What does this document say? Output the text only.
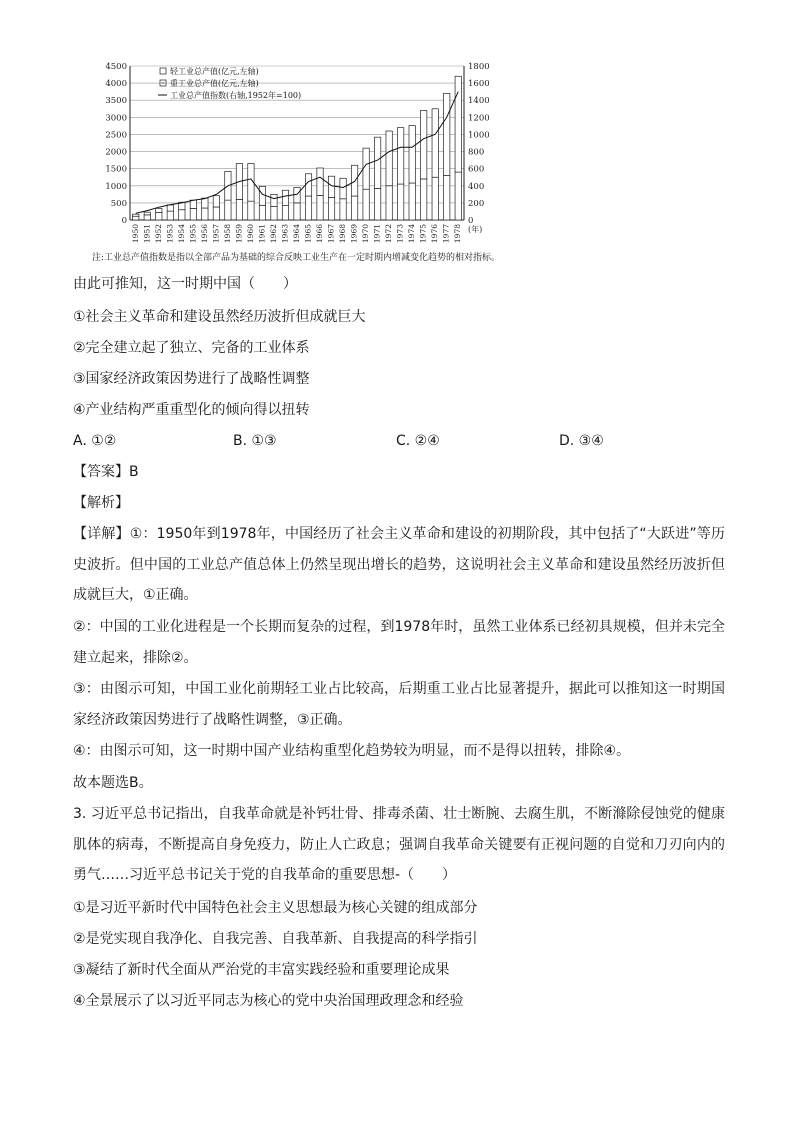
0
500
1000
1500
2000
2500
3000
3500
4000
4500
0
200
400
600
800
1000
1200
1400
1600
1800
1950 1951 1952 1953 1954 1955 1956 1957 1958 1959 1960 1961 1962 1963 1964 1965 1966 1967 1968 1969 1970 1971 1972 1973 1974 1975 1976 1977 1978 (年)
轻工业总产值(亿元,左轴)
重工业总产值(亿元,左轴)
工业总产值指数(右轴,1952年=100)
注:工业总产值指数是指以全部产品为基础的综合反映工业生产在一定时期内增减变化趋势的相对指标。
由此可推知，这一时期中国（　　）
①社会主义革命和建设虽然经历波折但成就巨大
②完全建立起了独立、完备的工业体系
③国家经济政策因势进行了战略性调整
④产业结构严重重型化的倾向得以扭转
A. ①②	B. ①③	C. ②④	D. ③④
【答案】B
【解析】
【详解】①：1950年到1978年，中国经历了社会主义革命和建设的初期阶段，其中包括了“大跃进”等历史波折。但中国的工业总产值总体上仍然呈现出增长的趋势，这说明社会主义革命和建设虽然经历波折但成就巨大，①正确。
②：中国的工业化进程是一个长期而复杂的过程，到1978年时，虽然工业体系已经初具规模，但并未完全建立起来，排除②。
③：由图示可知，中国工业化前期轻工业占比较高，后期重工业占比显著提升，据此可以推知这一时期国家经济政策因势进行了战略性调整，③正确。
④：由图示可知，这一时期中国产业结构重型化趋势较为明显，而不是得以扭转，排除④。
故本题选B。
3. 习近平总书记指出，自我革命就是补钙壮骨、排毒杀菌、壮士断腕、去腐生肌，不断滌除侵蚀党的健康肌体的病毒，不断提高自身免疫力，防止人亡政息；强调自我革命关键要有正视问题的自觉和刀刃向内的勇气……习近平总书记关于党的自我革命的重要思想-（　　）
①是习近平新时代中国特色社会主义思想最为核心关键的组成部分
②是党实现自我净化、自我完善、自我革新、自我提高的科学指引
③凝结了新时代全面从严治党的丰富实践经验和重要理论成果
④全景展示了以习近平同志为核心的党中央治国理政理念和经验
